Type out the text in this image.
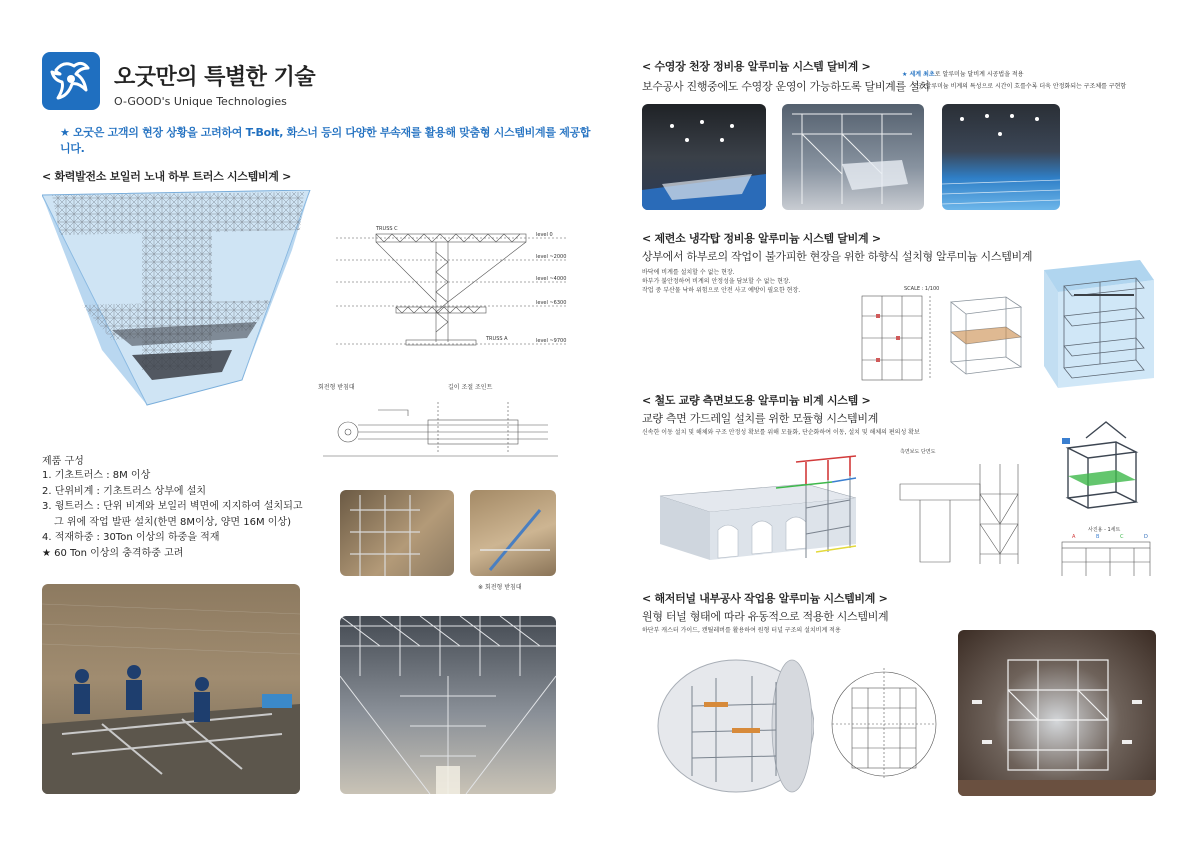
오굿만의 특별한 기술
O-GOOD's Unique Technologies
★ 오굿은 고객의 현장 상황을 고려하여 T-Bolt, 화스너 등의 다양한 부속재를 활용해 맞춤형 시스템비계를 제공합니다.
< 화력발전소 보일러 노내 하부 트러스 시스템비계 >
level 0
level ~2000
level ~4000
level ~6300
level ~9700
TRUSS C
TRUSS A
회전형 받침대	길이 조절 조인트
제품 구성
1. 기초트러스 : 8M 이상
2. 단위비계 : 기초트러스 상부에 설치
3. 윙트러스 : 단위 비계와 보일러 벽면에 지지하여 설치되고
그 위에 작업 발판 설치(한면 8M이상, 양면 16M 이상)
4. 적재하중 : 30Ton 이상의 하중을 적재
★ 60 Ton 이상의 충격하중 고려
※ 회전형 받침대
< 수영장 천장 정비용 알루미늄 시스템 달비계 >
보수공사 진행중에도 수영장 운영이 가능하도록 달비계를 설치
★ 세계 최초로 알루미늄 달비계 시공법을 적용
오굿 알루미늄 비계의 특성으로 시간이 흐를수록 더욱 안정화되는 구조체를 구현함
< 제련소 냉각탑 정비용 알루미늄 시스템 달비계 >
상부에서 하부로의 작업이 불가피한 현장을 위한 하향식 설치형 알루미늄 시스템비계
바닥에 비계를 설치할 수 없는 현장.
하부가 불안정하여 비계의 안정성을 담보할 수 없는 현장.
작업 중 부산물 낙하 위험으로 안전 사고 예방이 필요한 현장.	SCALE : 1/100
< 철도 교량 측면보도용 알루미늄 비계 시스템 >
교량 측면 가드레일 설치를 위한 모듈형 시스템비계
신속한 이동 설치 및 해체와 구조 안정성 확보를 위해 모듈화, 단순화하여 이동, 설치 및 해체의 편의성 확보
측면보도 단면도
사진용 - 1세트
A	B	C	D
< 해저터널 내부공사 작업용 알루미늄 시스템비계 >
원형 터널 형태에 따라 유동적으로 적용한 시스템비계
하단부 캐스터 가이드, 캔틸레버를 활용하여 원형 터널 구조의 설치비계 적용
